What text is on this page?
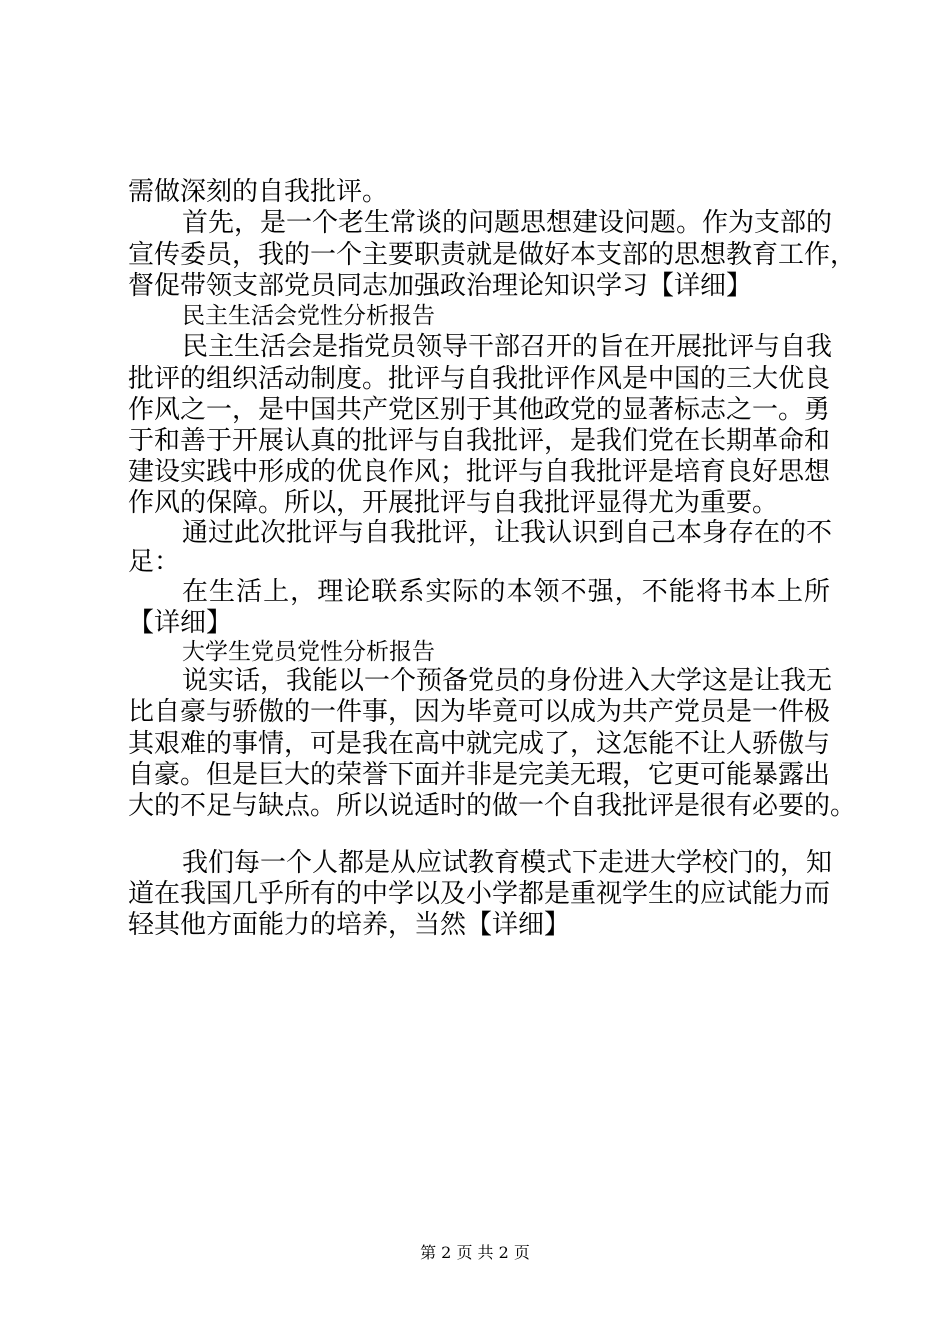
需做深刻的自我批评。
首先，是一个老生常谈的问题思想建设问题。作为支部的
宣传委员，我的一个主要职责就是做好本支部的思想教育工作，
督促带领支部党员同志加强政治理论知识学习【详细】
民主生活会党性分析报告
民主生活会是指党员领导干部召开的旨在开展批评与自我
批评的组织活动制度。批评与自我批评作风是中国的三大优良
作风之一，是中国共产党区别于其他政党的显著标志之一。勇
于和善于开展认真的批评与自我批评，是我们党在长期革命和
建设实践中形成的优良作风；批评与自我批评是培育良好思想
作风的保障。所以，开展批评与自我批评显得尤为重要。
通过此次批评与自我批评，让我认识到自己本身存在的不
足：
在生活上，理论联系实际的本领不强，不能将书本上所
【详细】
大学生党员党性分析报告
说实话，我能以一个预备党员的身份进入大学这是让我无
比自豪与骄傲的一件事，因为毕竟可以成为共产党员是一件极
其艰难的事情，可是我在高中就完成了，这怎能不让人骄傲与
自豪。但是巨大的荣誉下面并非是完美无瑕，它更可能暴露出
大的不足与缺点。所以说适时的做一个自我批评是很有必要的。
我们每一个人都是从应试教育模式下走进大学校门的，知
道在我国几乎所有的中学以及小学都是重视学生的应试能力而
轻其他方面能力的培养，当然【详细】
第 2 页 共 2 页
